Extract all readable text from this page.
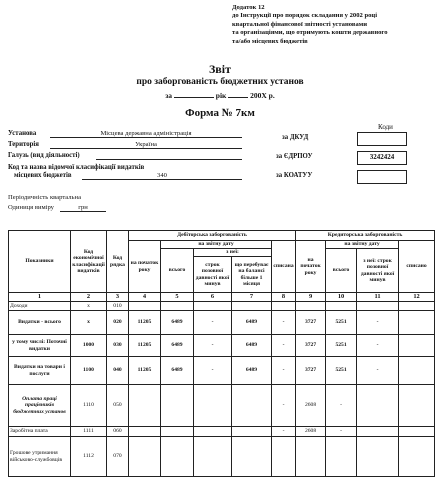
Додаток 12
до Інструкції про порядок складання у 2002 році
квартальної фінансової звітності установами
та організаціями, що отримують кошти державного
та/або місцевих бюджетів
Звіт
про заборгованість бюджетних установ
за	рік	200Х р.
Форма № 7км
Коди
3242424
за ДКУД
за ЄДРПОУ
за КОАТУУ
Установа	Місцева державна адміністрація
Територія	Україна
Галузь (вид діяльності)
Код та назва відомчої класифікації видатків
місцевих бюджетів	340
Періодичність квартальна
Одиниця виміру	грн
Показники	Код економічної класифікації видатків	Код рядка	Дебіторська заборгованість					Кредиторська заборгованість			
			на початок року	на звітну дату			списана	на початок року	на звітну дату		списано
				всього	з неї:				всього	з неї: строк позовної давності якої минув	
					строк позовної давності якої минув	що перебуває на балансі більше 1 місяця					
1	2	3	4	5	6	7	8	9	10	11	12
Доходи	х	010									
Видатки - всього	х	020	11205	6489	-	6489	-	3727	5251	-	
у тому числі: Поточні видатки	1000	030	11205	6489	-	6489	-	3727	5251	-	
Видатки на товари і послуги	1100	040	11205	6489	-	6489	-	3727	5251	-	
Оплата праці працівників бюджетних установ	1110	050					-	2608	-		
Заробітна плата	1111	060					-	2608	-		
Грошове утримання військово-службовців	1112	070									
